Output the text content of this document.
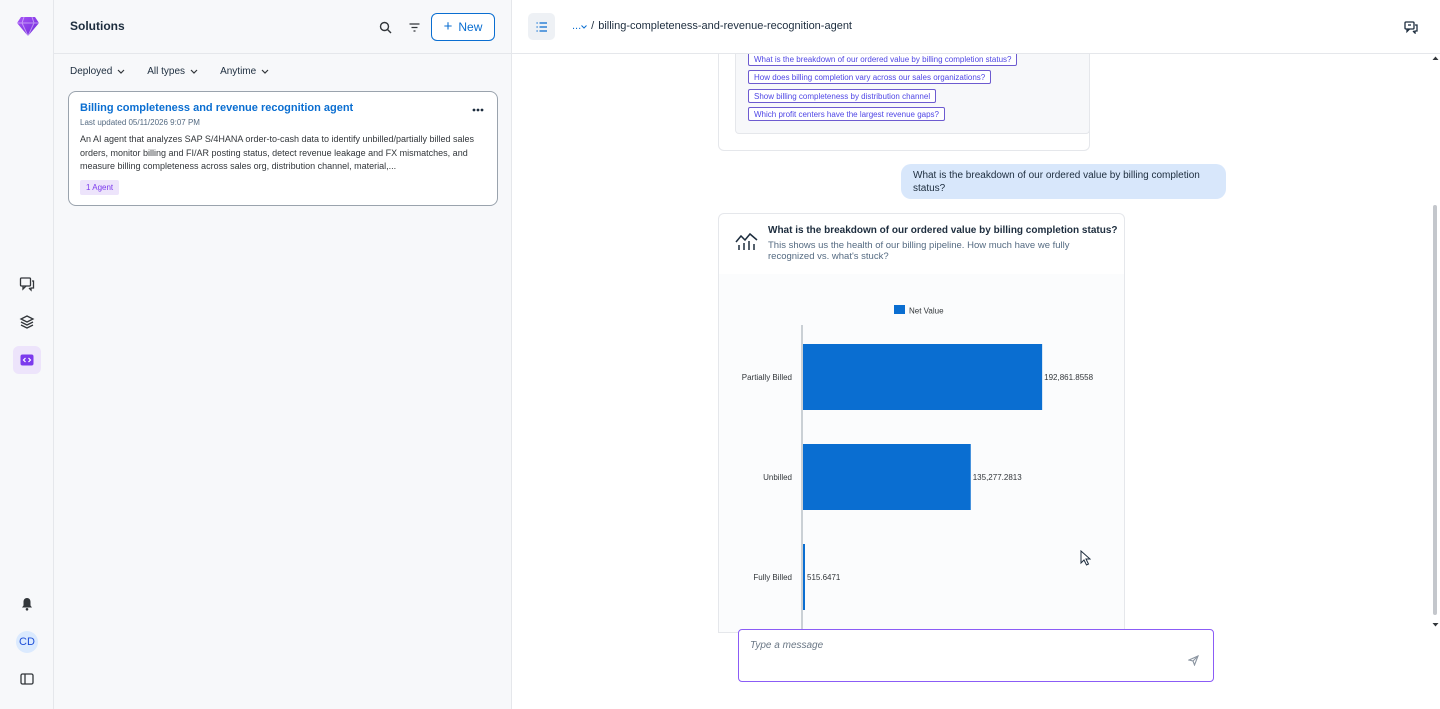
CD
Solutions	+ New
Deployed	All types	Anytime
Billing completeness and revenue recognition agent
Last updated 05/11/2026 9:07 PM
An AI agent that analyzes SAP S/4HANA order-to-cash data to identify unbilled/partially billed sales orders, monitor billing and FI/AR posting status, detect revenue leakage and FX mismatches, and measure billing completeness across sales org, distribution channel, material,...
1 Agent
What is the breakdown of our ordered value by billing completion status?
How does billing completion vary across our sales organizations?
Show billing completeness by distribution channel
Which profit centers have the largest revenue gaps?
... / billing-completeness-and-revenue-recognition-agent
What is the breakdown of our ordered value by billing completion status?
What is the breakdown of our ordered value by billing completion status?
This shows us the health of our billing pipeline. How much have we fully recognized vs. what's stuck?
Net Value
Partially Billed	192,861.8558
Unbilled	135,277.2813
Fully Billed 515.6471
Type a message
